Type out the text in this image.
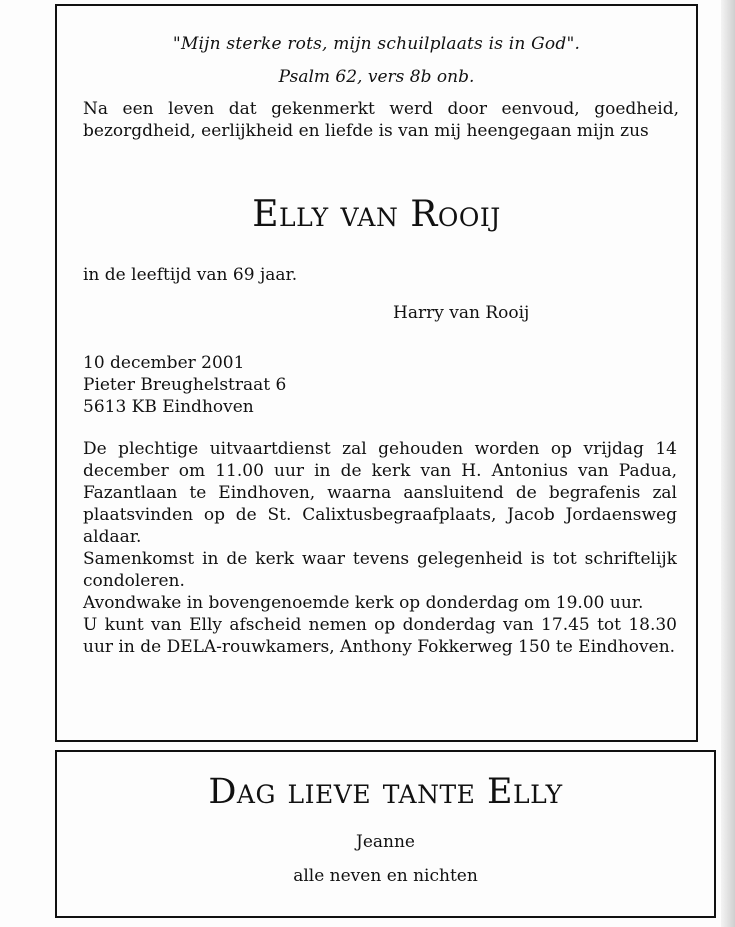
"Mijn sterke rots, mijn schuilplaats is in God".
Psalm 62, vers 8b onb.
Na een leven dat gekenmerkt werd door eenvoud, goedheid, bezorgdheid, eerlijkheid en liefde is van mij heengegaan mijn zus
Elly van Rooij
in de leeftijd van 69 jaar.
Harry van Rooij
10 december 2001
Pieter Breughelstraat 6
5613 KB Eindhoven
De plechtige uitvaartdienst zal gehouden worden op vrijdag 14 december om 11.00 uur in de kerk van H. Antonius van Padua, Fazantlaan te Eindhoven, waarna aansluitend de begrafenis zal plaatsvinden op de St. Calixtusbegraafplaats, Jacob Jordaensweg aldaar.
Samenkomst in de kerk waar tevens gelegenheid is tot schriftelijk condoleren.
Avondwake in bovengenoemde kerk op donderdag om 19.00 uur.
U kunt van Elly afscheid nemen op donderdag van 17.45 tot 18.30 uur in de DELA-rouwkamers, Anthony Fokkerweg 150 te Eindhoven.
Dag lieve tante Elly
Jeanne
alle neven en nichten
